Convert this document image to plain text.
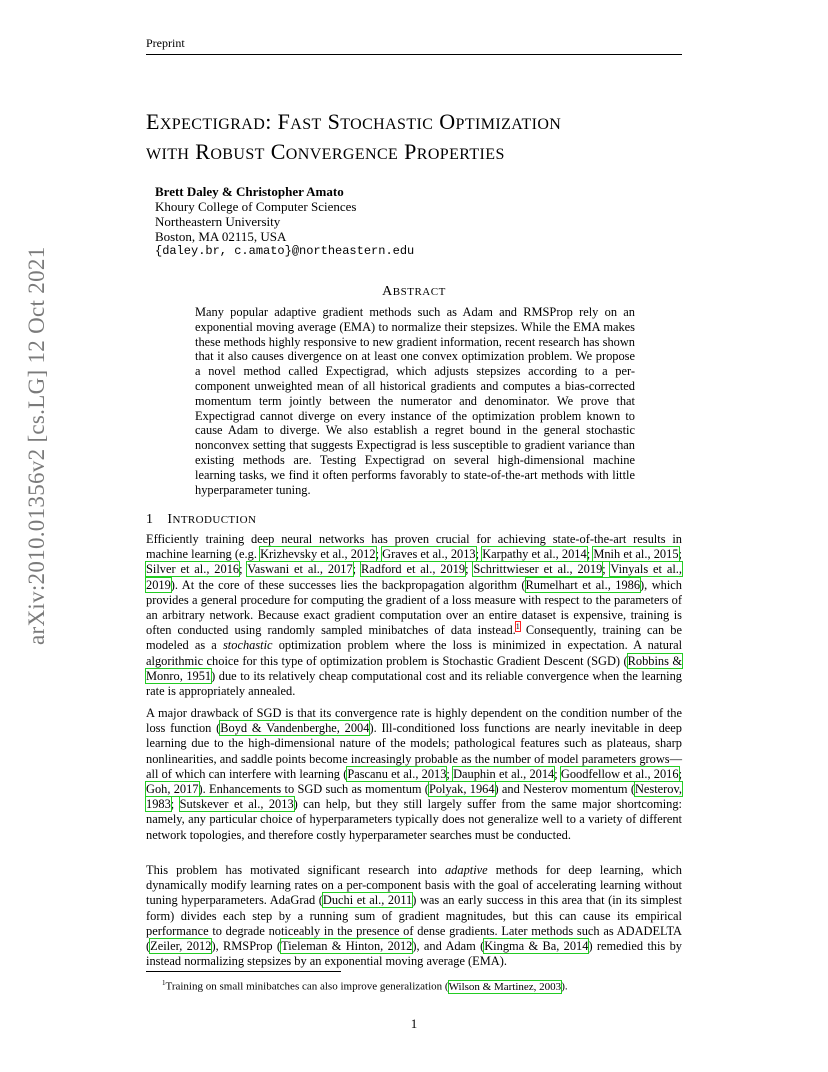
Preprint
arXiv:2010.01356v2 [cs.LG] 12 Oct 2021
EXPECTIGRAD: FAST STOCHASTIC OPTIMIZATION
WITH ROBUST CONVERGENCE PROPERTIES
Brett Daley & Christopher Amato
Khoury College of Computer Sciences
Northeastern University
Boston, MA 02115, USA
{daley.br, c.amato}@northeastern.edu
ABSTRACT
Many popular adaptive gradient methods such as Adam and RMSProp rely on an exponential moving average (EMA) to normalize their stepsizes. While the EMA makes these methods highly responsive to new gradient information, recent research has shown that it also causes divergence on at least one convex optimization problem. We propose a novel method called Expectigrad, which adjusts stepsizes according to a per-component unweighted mean of all historical gradients and computes a bias-corrected momentum term jointly between the numerator and denominator. We prove that Expectigrad cannot diverge on every instance of the optimization problem known to cause Adam to diverge. We also establish a regret bound in the general stochastic nonconvex setting that suggests Expectigrad is less susceptible to gradient variance than existing methods are. Testing Expectigrad on several high-dimensional machine learning tasks, we find it often performs favorably to state-of-the-art methods with little hyperparameter tuning.
1 INTRODUCTION
Efficiently training deep neural networks has proven crucial for achieving state-of-the-art results in machine learning (e.g. Krizhevsky et al., 2012; Graves et al., 2013; Karpathy et al., 2014; Mnih et al., 2015; Silver et al., 2016; Vaswani et al., 2017; Radford et al., 2019; Schrittwieser et al., 2019; Vinyals et al., 2019). At the core of these successes lies the backpropagation algorithm (Rumelhart et al., 1986), which provides a general procedure for computing the gradient of a loss measure with respect to the parameters of an arbitrary network. Because exact gradient computation over an entire dataset is expensive, training is often conducted using randomly sampled minibatches of data instead.$^1$ Consequently, training can be modeled as a stochastic optimization problem where the loss is minimized in expectation. A natural algorithmic choice for this type of optimization problem is Stochastic Gradient Descent (SGD) (Robbins & Monro, 1951) due to its relatively cheap computational cost and its reliable convergence when the learning rate is appropriately annealed.
A major drawback of SGD is that its convergence rate is highly dependent on the condition number of the loss function (Boyd & Vandenberghe, 2004). Ill-conditioned loss functions are nearly inevitable in deep learning due to the high-dimensional nature of the models; pathological features such as plateaus, sharp nonlinearities, and saddle points become increasingly probable as the number of model parameters grows—all of which can interfere with learning (Pascanu et al., 2013; Dauphin et al., 2014; Goodfellow et al., 2016; Goh, 2017). Enhancements to SGD such as momentum (Polyak, 1964) and Nesterov momentum (Nesterov, 1983; Sutskever et al., 2013) can help, but they still largely suffer from the same major shortcoming: namely, any particular choice of hyperparameters typically does not generalize well to a variety of different network topologies, and therefore costly hyperparameter searches must be conducted.
This problem has motivated significant research into adaptive methods for deep learning, which dynamically modify learning rates on a per-component basis with the goal of accelerating learning without tuning hyperparameters. AdaGrad (Duchi et al., 2011) was an early success in this area that (in its simplest form) divides each step by a running sum of gradient magnitudes, but this can cause its empirical performance to degrade noticeably in the presence of dense gradients. Later methods such as ADADELTA (Zeiler, 2012), RMSProp (Tieleman & Hinton, 2012), and Adam (Kingma & Ba, 2014) remedied this by instead normalizing stepsizes by an exponential moving average (EMA).
$^1$Training on small minibatches can also improve generalization (Wilson & Martinez, 2003).
1
